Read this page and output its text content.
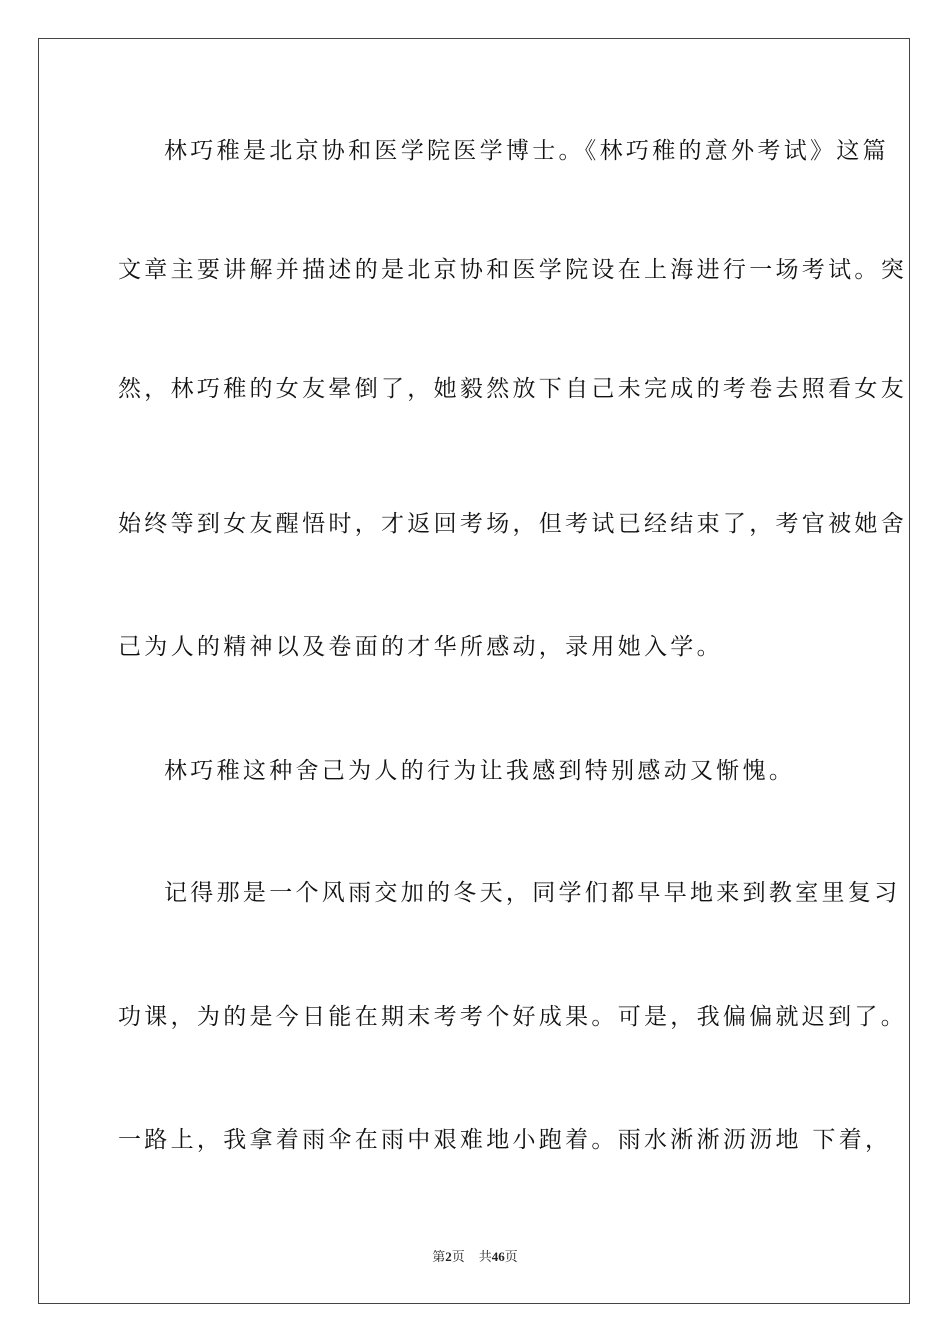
林巧稚是北京协和医学院医学博士。《林巧稚的意外考试》这篇
文章主要讲解并描述的是北京协和医学院设在上海进行一场考试。突
然，林巧稚的女友晕倒了，她毅然放下自己未完成的考卷去照看女友
始终等到女友醒悟时，才返回考场，但考试已经结束了，考官被她舍
己为人的精神以及卷面的才华所感动，录用她入学。
林巧稚这种舍己为人的行为让我感到特别感动又惭愧。
记得那是一个风雨交加的冬天，同学们都早早地来到教室里复习
功课，为的是今日能在期末考考个好成果。可是，我偏偏就迟到了。
一路上，我拿着雨伞在雨中艰难地小跑着。雨水淅淅沥沥地 下着，
第2页 共46页
